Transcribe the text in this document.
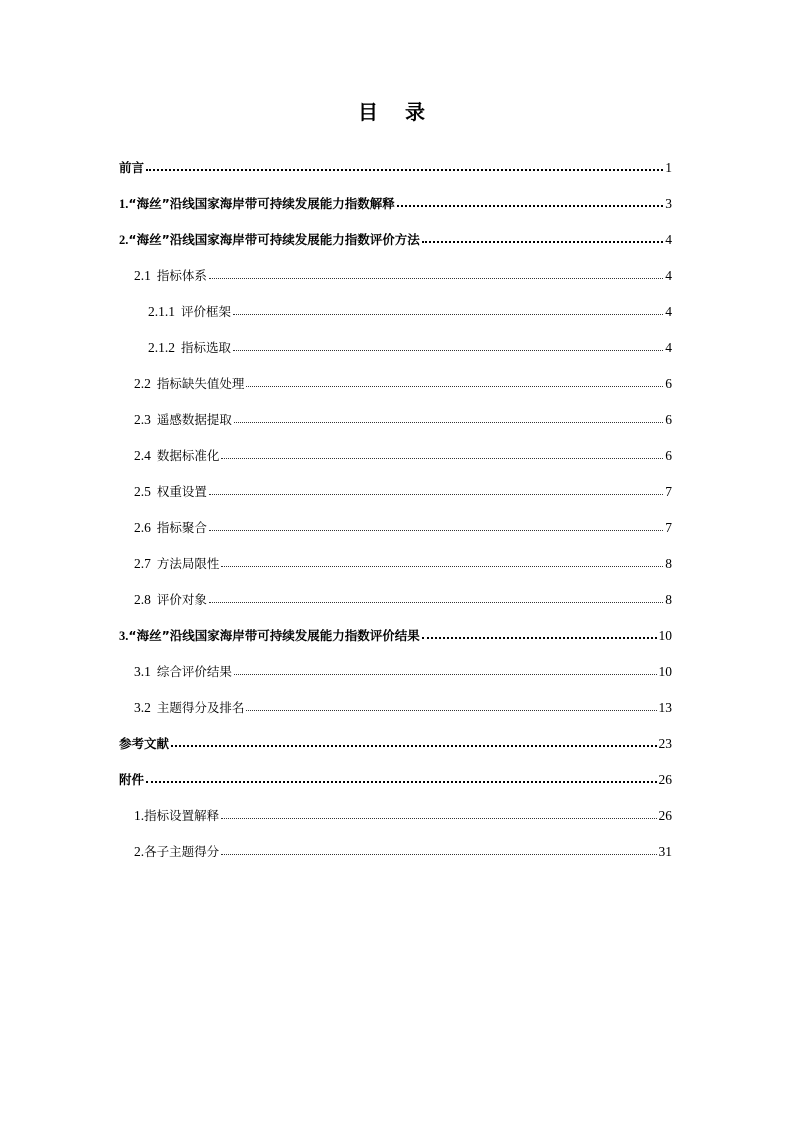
目 录
前言	1
1.“海丝”沿线国家海岸带可持续发展能力指数解释	3
2.“海丝”沿线国家海岸带可持续发展能力指数评价方法	4
2.1 指标体系	4
2.1.1 评价框架	4
2.1.2 指标选取	4
2.2 指标缺失值处理	6
2.3 遥感数据提取	6
2.4 数据标准化	6
2.5 权重设置	7
2.6 指标聚合	7
2.7 方法局限性	8
2.8 评价对象	8
3.“海丝”沿线国家海岸带可持续发展能力指数评价结果	10
3.1 综合评价结果	10
3.2 主题得分及排名	13
参考文献	23
附件	26
1.指标设置解释	26
2.各子主题得分	31
